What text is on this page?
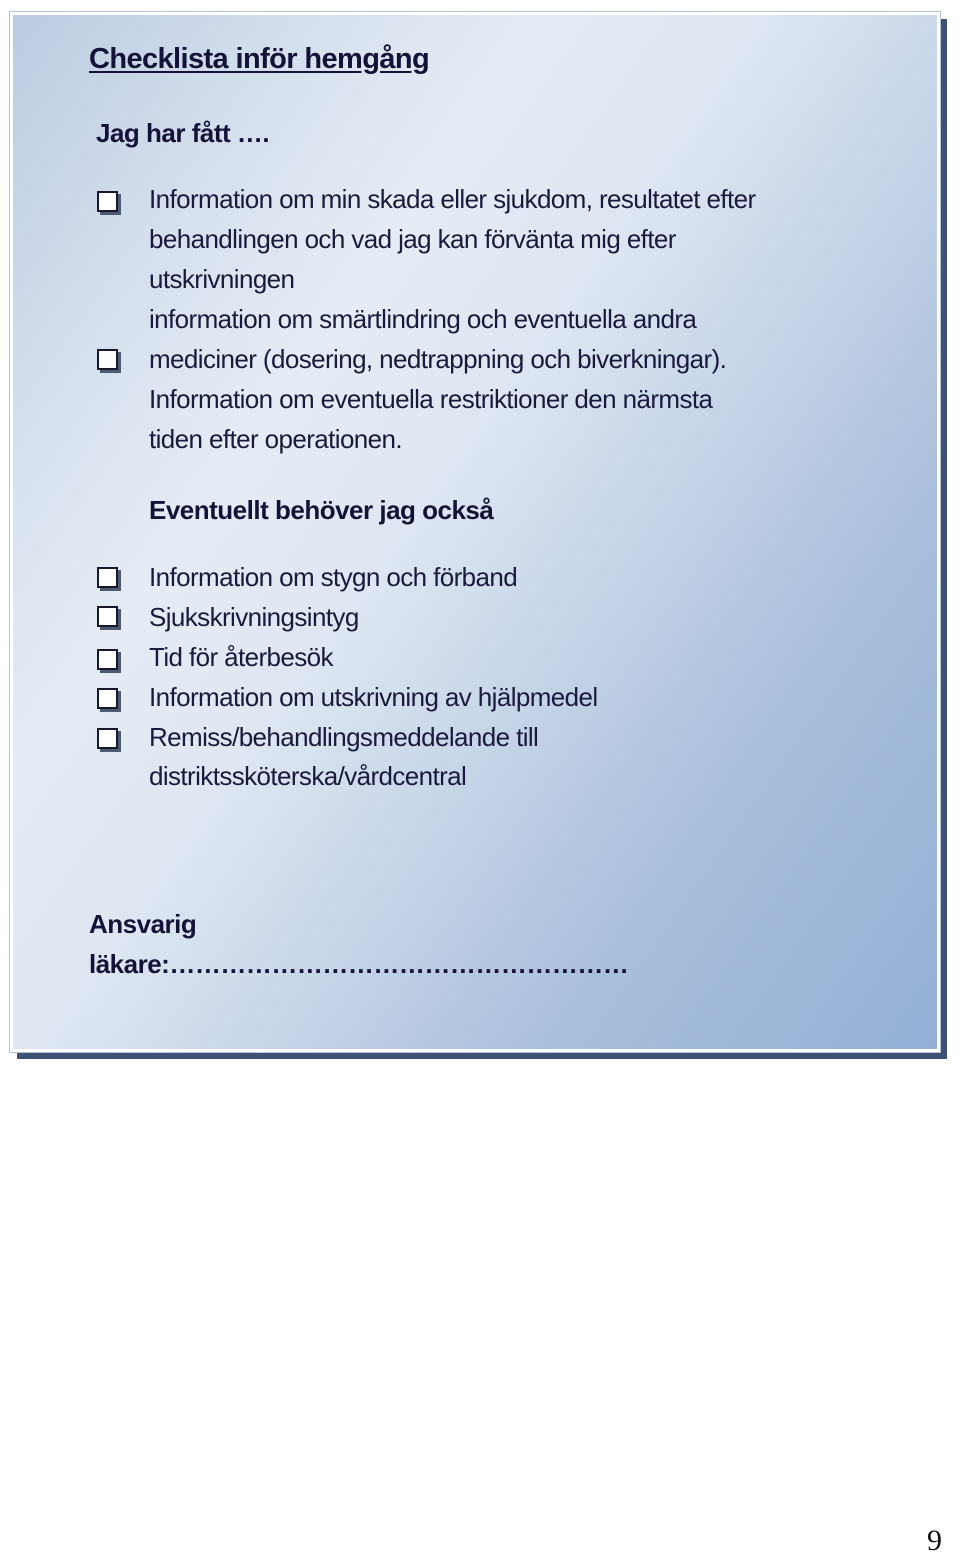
Checklista inför hemgång
Jag har fått ….
Information om min skada eller sjukdom, resultatet efter
behandlingen och vad jag kan förvänta mig efter
utskrivningen
information om smärtlindring och eventuella andra
mediciner (dosering, nedtrappning och biverkningar).
Information om eventuella restriktioner den närmsta
tiden efter operationen.
Eventuellt behöver jag också
Information om stygn och förband
Sjukskrivningsintyg
Tid för återbesök
Information om utskrivning av hjälpmedel
Remiss/behandlingsmeddelande till
distriktssköterska/vårdcentral
Ansvarig
läkare:………………………………………………
9
